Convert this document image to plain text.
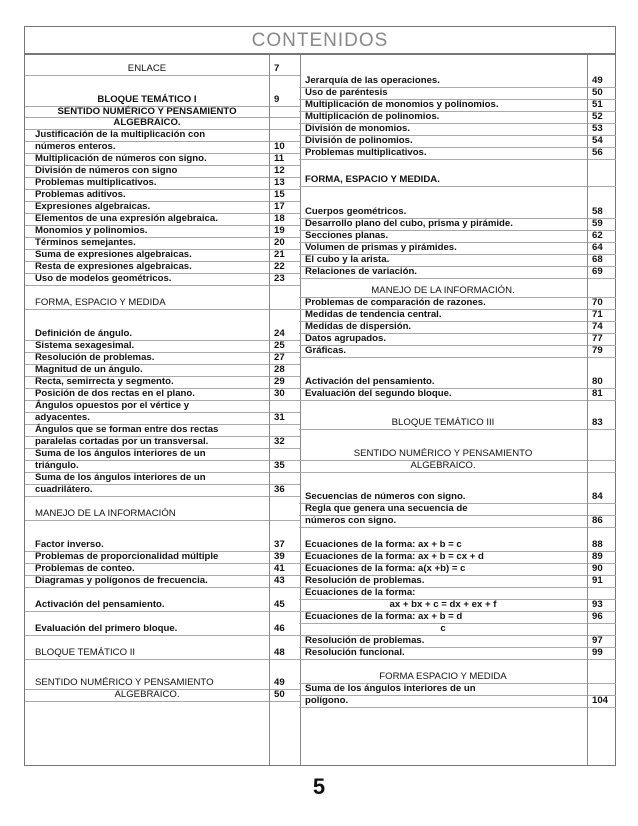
CONTENIDOS
ENLACE
BLOQUE TEMÁTICO I
SENTIDO NUMÉRICO Y PENSAMIENTO
ALGEBRAICO.
Justificación de la multiplicación con
números enteros.
Multiplicación de números con signo.
División de números con signo
Problemas multiplicativos.
Problemas aditivos.
Expresiones algebraicas.
Elementos de una expresión algebraica.
Monomios y polinomios.
Términos semejantes.
Suma de expresiones algebraicas.
Resta de expresiones algebraicas.
Uso de modelos geométricos.
FORMA, ESPACIO Y MEDIDA
Definición de ángulo.
Sistema sexagesimal.
Resolución de problemas.
Magnitud de un ángulo.
Recta, semirrecta y segmento.
Posición de dos rectas en el plano.
Ángulos opuestos por el vértice y
adyacentes.
Ángulos que se forman entre dos rectas
paralelas cortadas por un transversal.
Suma de los ángulos interiores de un
triángulo.
Suma de los ángulos interiores de un
cuadrilátero.
MANEJO DE LA INFORMACIÓN
Factor inverso.
Problemas de proporcionalidad múltiple
Problemas de conteo.
Diagramas y polígonos de frecuencia.
Activación del pensamiento.
Evaluación del primero bloque.
BLOQUE TEMÁTICO II
SENTIDO NUMÉRICO Y PENSAMIENTO
ALGEBRAICO.
7
9
10
11
12
13
15
17
18
19
20
21
22
23
24
25
27
28
29
30
31
32
35
36
37
39
41
43
45
46
48
49
50
Jerarquía de las operaciones.
Uso de paréntesis
Multiplicación de monomios y polinomios.
Multiplicación de polinomios.
División de monomios.
División de polinomios.
Problemas multiplicativos.
FORMA, ESPACIO Y MEDIDA.
Cuerpos geométricos.
Desarrollo plano del cubo, prisma y pirámide.
Secciones planas.
Volumen de prismas y pirámides.
El cubo y la arista.
Relaciones de variación.
MANEJO DE LA INFORMACIÓN.
Problemas de comparación de razones.
Medidas de tendencia central.
Medidas de dispersión.
Datos agrupados.
Gráficas.
Activación del pensamiento.
Evaluación del segundo bloque.
BLOQUE TEMÁTICO III
SENTIDO NUMÉRICO Y PENSAMIENTO
ALGEBRAICO.
Secuencias de números con signo.
Regla que genera una secuencia de
números con signo.
Ecuaciones de la forma: ax + b = c
Ecuaciones de la forma: ax + b = cx + d
Ecuaciones de la forma: a(x +b) = c
Resolución de problemas.
Ecuaciones de la forma:
ax + bx + c = dx + ex + f
Ecuaciones de la forma: ax + b = d
c
Resolución de problemas.
Resolución funcional.
FORMA ESPACIO Y MEDIDA
Suma de los ángulos interiores de un
polígono.
49
50
51
52
53
54
56
58
59
62
64
68
69
70
71
74
77
79
80
81
83
84
86
88
89
90
91
93
96
97
99
104
5
